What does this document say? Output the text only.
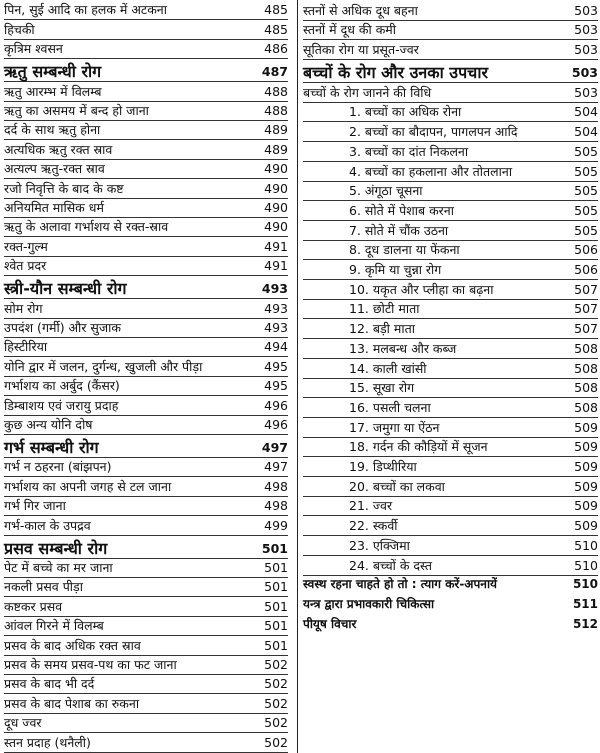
पिन, सुई आदि का हलक में अटकना	485
हिचकी	485
कृत्रिम श्वसन	486
ऋतु सम्बन्धी रोग	487
ऋतु आरम्भ में विलम्ब	488
ऋतु का असमय में बन्द हो जाना	488
दर्द के साथ ऋतु होना	489
अत्यधिक ऋतु रक्त स्राव	489
अत्यल्प ऋतु-रक्त स्राव	490
रजो निवृत्ति के बाद के कष्ट	490
अनियमित मासिक धर्म	490
ऋतु के अलावा गर्भाशय से रक्त-स्राव	490
रक्त-गुल्म	491
श्वेत प्रदर	491
स्त्री-यौन सम्बन्धी रोग	493
सोम रोग	493
उपदंश (गर्मी) और सुजाक	493
हिस्टीरिया	494
योनि द्वार में जलन, दुर्गन्ध, खुजली और पीड़ा	495
गर्भाशय का अर्बुद (कैंसर)	495
डिम्बाशय एवं जरायु प्रदाह	496
कुछ अन्य योनि दोष	496
गर्भ सम्बन्धी रोग	497
गर्भ न ठहरना (बांझपन)	497
गर्भाशय का अपनी जगह से टल जाना	498
गर्भ गिर जाना	498
गर्भ-काल के उपद्रव	499
प्रसव सम्बन्धी रोग	501
पेट में बच्चे का मर जाना	501
नकली प्रसव पीड़ा	501
कष्टकर प्रसव	501
आंवल गिरने में विलम्ब	501
प्रसव के बाद अधिक रक्त स्राव	501
प्रसव के समय प्रसव-पथ का फट जाना	502
प्रसव के बाद भी दर्द	502
प्रसव के बाद पेशाब का रुकना	502
दूध ज्वर	502
स्तन प्रदाह (थनैली)	502
स्तनों से अधिक दूध बहना	503
स्तनों में दूध की कमी	503
सूतिका रोग या प्रसूत-ज्वर	503
बच्चों के रोग और उनका उपचार	503
बच्चों के रोग जानने की विधि	503
1. बच्चों का अधिक रोना	504
2. बच्चों का बौदापन, पागलपन आदि	504
3. बच्चों का दांत निकलना	505
4. बच्चों का हकलाना और तोतलाना	505
5. अंगूठा चूसना	505
6. सोते में पेशाब करना	505
7. सोते में चौंक उठना	505
8. दूध डालना या फेंकना	506
9. कृमि या चुन्ना रोग	506
10. यकृत और प्लीहा का बढ़ना	507
11. छोटी माता	507
12. बड़ी माता	507
13. मलबन्ध और कब्ज	508
14. काली खांसी	508
15. सूखा रोग	508
16. पसली चलना	508
17. जमुगा या ऐंठन	509
18. गर्दन की कौड़ियों में सूजन	509
19. डिप्थीरिया	509
20. बच्चों का लकवा	509
21. ज्वर	509
22. स्कर्वी	509
23. एक्जिमा	510
24. बच्चों के दस्त	510
स्वस्थ रहना चाहते हो तो : त्याग करें-अपनायें	510
यन्त्र द्वारा प्रभावकारी चिकित्सा	511
पीयूष विचार	512
